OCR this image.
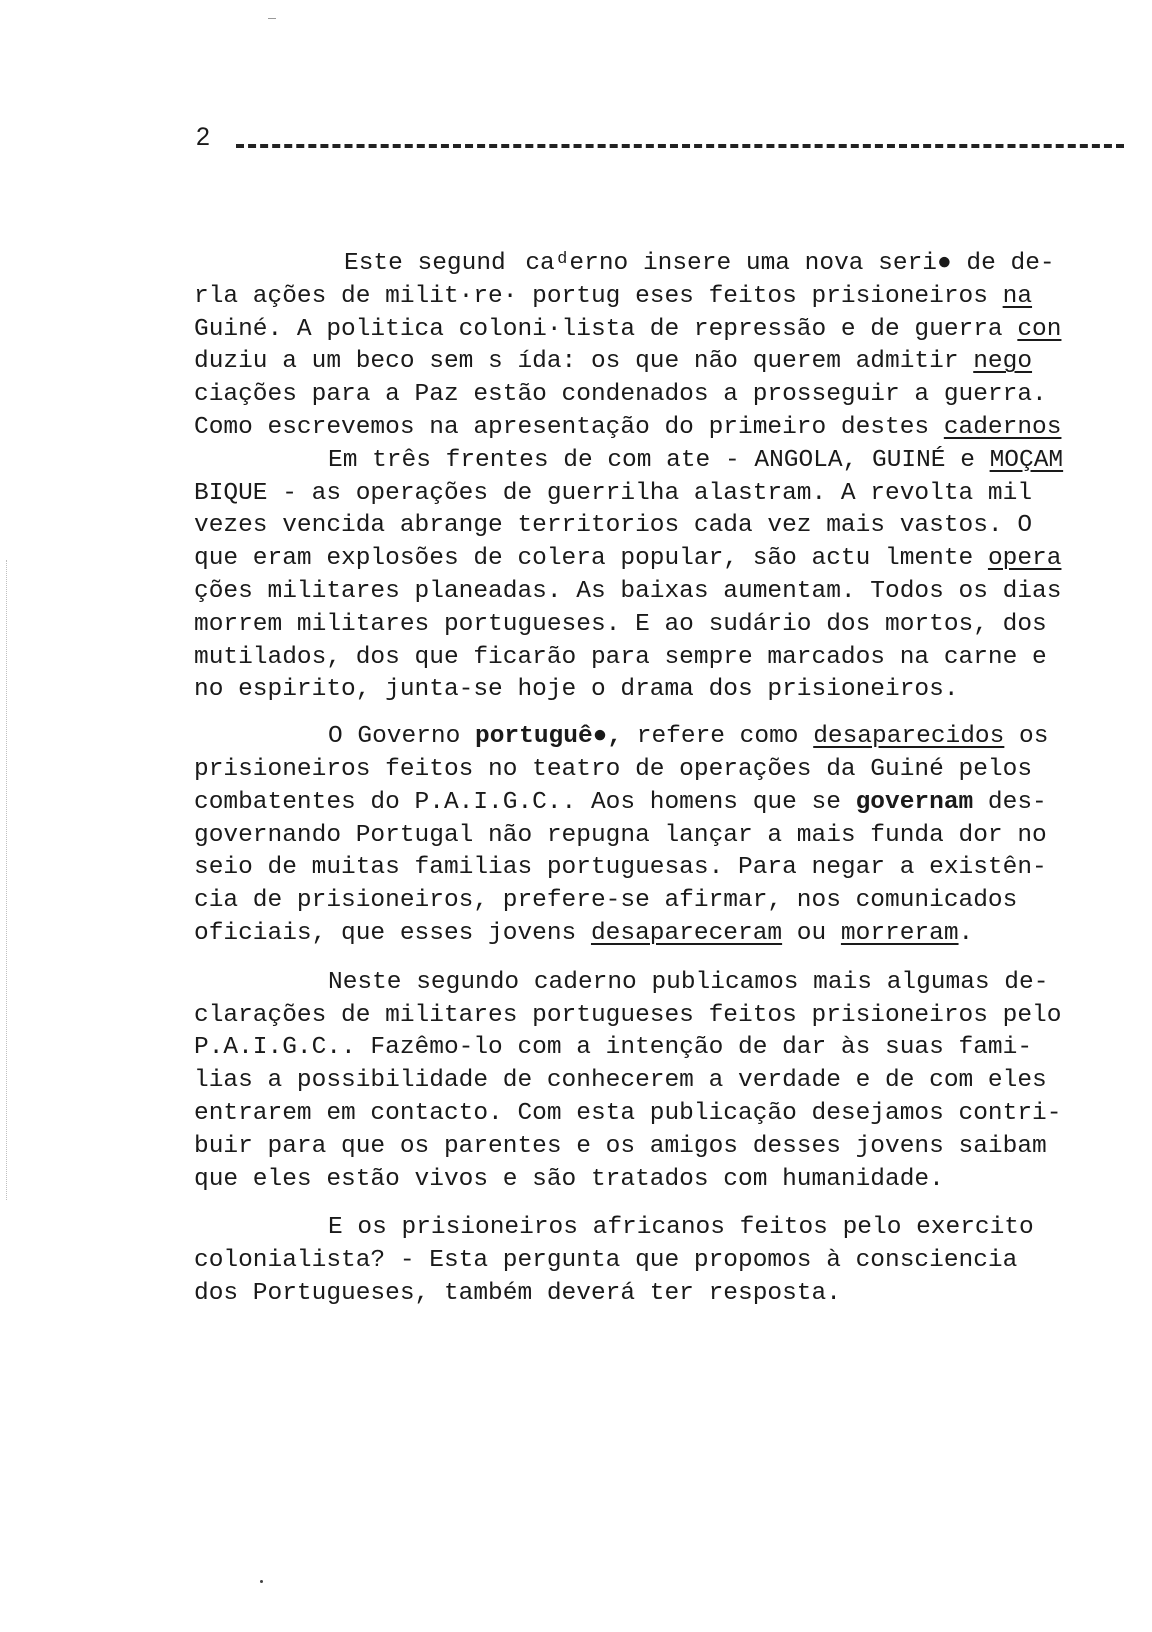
2

Este segund  caᵈerno insere uma nova seri● de de-
rla ações de milit·re· portug eses feitos prisioneiros na
Guiné. A politica coloni·lista de repressão e de guerra con
duziu a um beco sem s ída: os que não querem admitir nego
ciações para a Paz estão condenados a prosseguir a guerra.
Como escrevemos na apresentação do primeiro destes cadernos

Em três frentes de com ate - ANGOLA, GUINÉ e MOÇAM
BIQUE - as operações de guerrilha alastram. A revolta mil
vezes vencida abrange territorios cada vez mais vastos. O
que eram explosões de colera popular, são actu lmente opera
ções militares planeadas. As baixas aumentam. Todos os dias
morrem militares portugueses. E ao sudário dos mortos, dos
mutilados, dos que ficarão para sempre marcados na carne e
no espirito, junta-se hoje o drama dos prisioneiros.

O Governo portuguê●, refere como desaparecidos os
prisioneiros feitos no teatro de operações da Guiné pelos
combatentes do P.A.I.G.C.. Aos homens que se governam des-
governando Portugal não repugna lançar a mais funda dor no
seio de muitas familias portuguesas. Para negar a existên-
cia de prisioneiros, prefere-se afirmar, nos comunicados
oficiais, que esses jovens desapareceram ou morreram.

Neste segundo caderno publicamos mais algumas de-
clarações de militares portugueses feitos prisioneiros pelo
P.A.I.G.C.. Fazêmo-lo com a intenção de dar às suas fami-
lias a possibilidade de conhecerem a verdade e de com eles
entrarem em contacto. Com esta publicação desejamos contri-
buir para que os parentes e os amigos desses jovens saibam
que eles estão vivos e são tratados com humanidade.

E os prisioneiros africanos feitos pelo exercito
colonialista? - Esta pergunta que propomos à consciencia
dos Portugueses, também deverá ter resposta.
